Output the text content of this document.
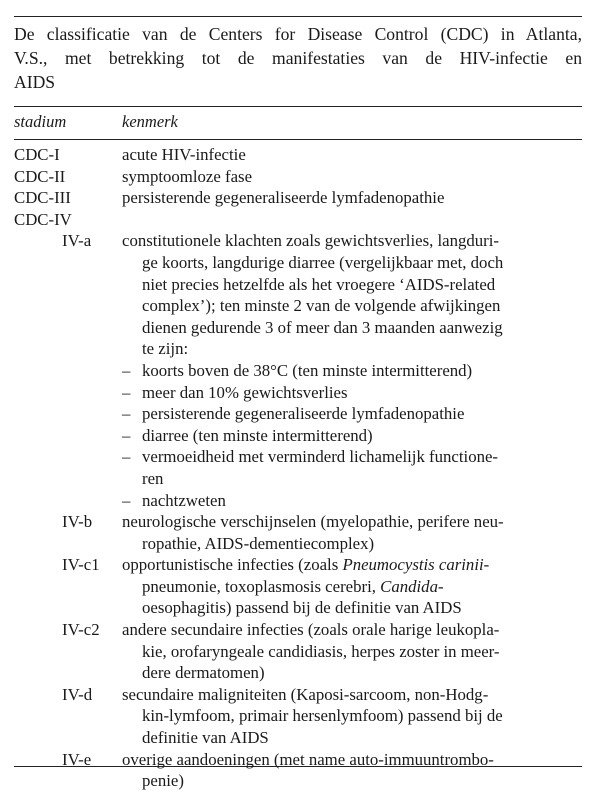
De classificatie van de Centers for Disease Control (CDC) in Atlanta,
V.S., met betrekking tot de manifestaties van de HIV-infectie en
AIDS
stadium	kenmerk
CDC-I	acute HIV-infectie
CDC-II	symptoomloze fase
CDC-III	persisterende gegeneraliseerde lymfadenopathie
CDC-IV

IV-a constitutionele klachten zoals gewichtsverlies, langduri-
ge koorts, langdurige diarree (vergelijkbaar met, doch
niet precies hetzelfde als het vroegere ‘AIDS-related
complex’); ten minste 2 van de volgende afwijkingen
dienen gedurende 3 of meer dan 3 maanden aanwezig
te zijn:
– koorts boven de 38°C (ten minste intermitterend)
– meer dan 10% gewichtsverlies
– persisterende gegeneraliseerde lymfadenopathie
– diarree (ten minste intermitterend)
– vermoeidheid met verminderd lichamelijk functione-
ren
– nachtzweten
IV-b neurologische verschijnselen (myelopathie, perifere neu-
ropathie, AIDS-dementiecomplex)
IV-c1 opportunistische infecties (zoals Pneumocystis carinii-
pneumonie, toxoplasmosis cerebri, Candida-
oesophagitis) passend bij de definitie van AIDS
IV-c2 andere secundaire infecties (zoals orale harige leukopla-
kie, orofaryngeale candidiasis, herpes zoster in meer-
dere dermatomen)
IV-d secundaire maligniteiten (Kaposi-sarcoom, non-Hodg-
kin-lymfoom, primair hersenlymfoom) passend bij de
definitie van AIDS
IV-e overige aandoeningen (met name auto-immuuntrombo-
penie)
